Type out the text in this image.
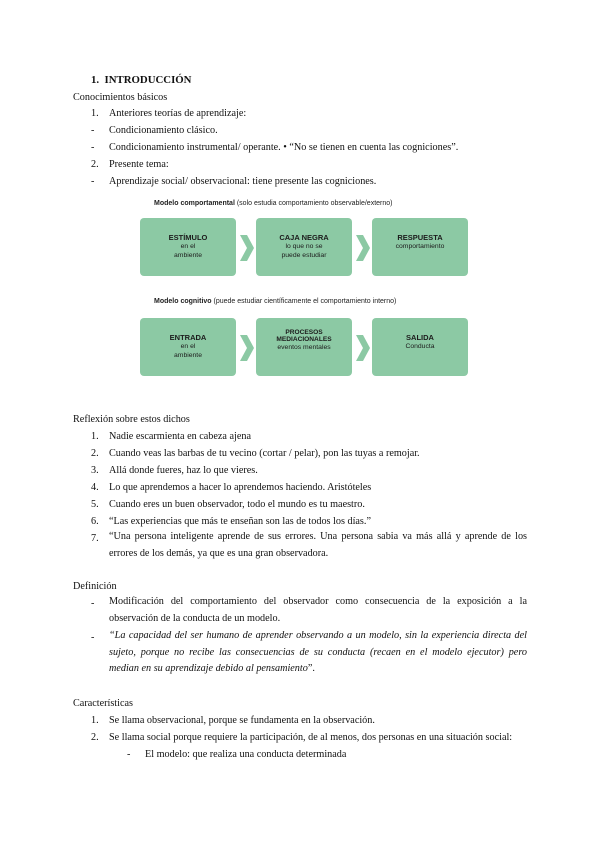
1.  INTRODUCCIÓN
Conocimientos básicos
1. Anteriores teorías de aprendizaje:
- Condicionamiento clásico.
- Condicionamiento instrumental/ operante. • “No se tienen en cuenta las cogniciones”.
2. Presente tema:
- Aprendizaje social/ observacional: tiene presente las cogniciones.
Modelo comportamental (solo estudia comportamiento observable/externo)
ESTÍMULO
en el
ambiente
CAJA NEGRA
lo que no se
puede estudiar
RESPUESTA
comportamiento
Modelo cognitivo (puede estudiar científicamente el comportamiento interno)
ENTRADA
en el
ambiente
PROCESOS
MEDIACIONALES
eventos mentales
SALIDA
Conducta
Reflexión sobre estos dichos
1. Nadie escarmienta en cabeza ajena
2. Cuando veas las barbas de tu vecino (cortar / pelar), pon las tuyas a remojar.
3. Allá donde fueres, haz lo que vieres.
4. Lo que aprendemos a hacer lo aprendemos haciendo. Aristóteles
5. Cuando eres un buen observador, todo el mundo es tu maestro.
6. “Las experiencias que más te enseñan son las de todos los días.”
7. “Una persona inteligente aprende de sus errores. Una persona sabia va más allá y aprende de los errores de los demás, ya que es una gran observadora.
Definición
- Modificación del comportamiento del observador como consecuencia de la exposición a la observación de la conducta de un modelo.
- “La capacidad del ser humano de aprender observando a un modelo, sin la experiencia directa del sujeto, porque no recibe las consecuencias de su conducta (recaen en el modelo ejecutor) pero median en su aprendizaje debido al pensamiento”.
Características
1. Se llama observacional, porque se fundamenta en la observación.
2. Se llama social porque requiere la participación, de al menos, dos personas en una situación social:
- El modelo: que realiza una conducta determinada
